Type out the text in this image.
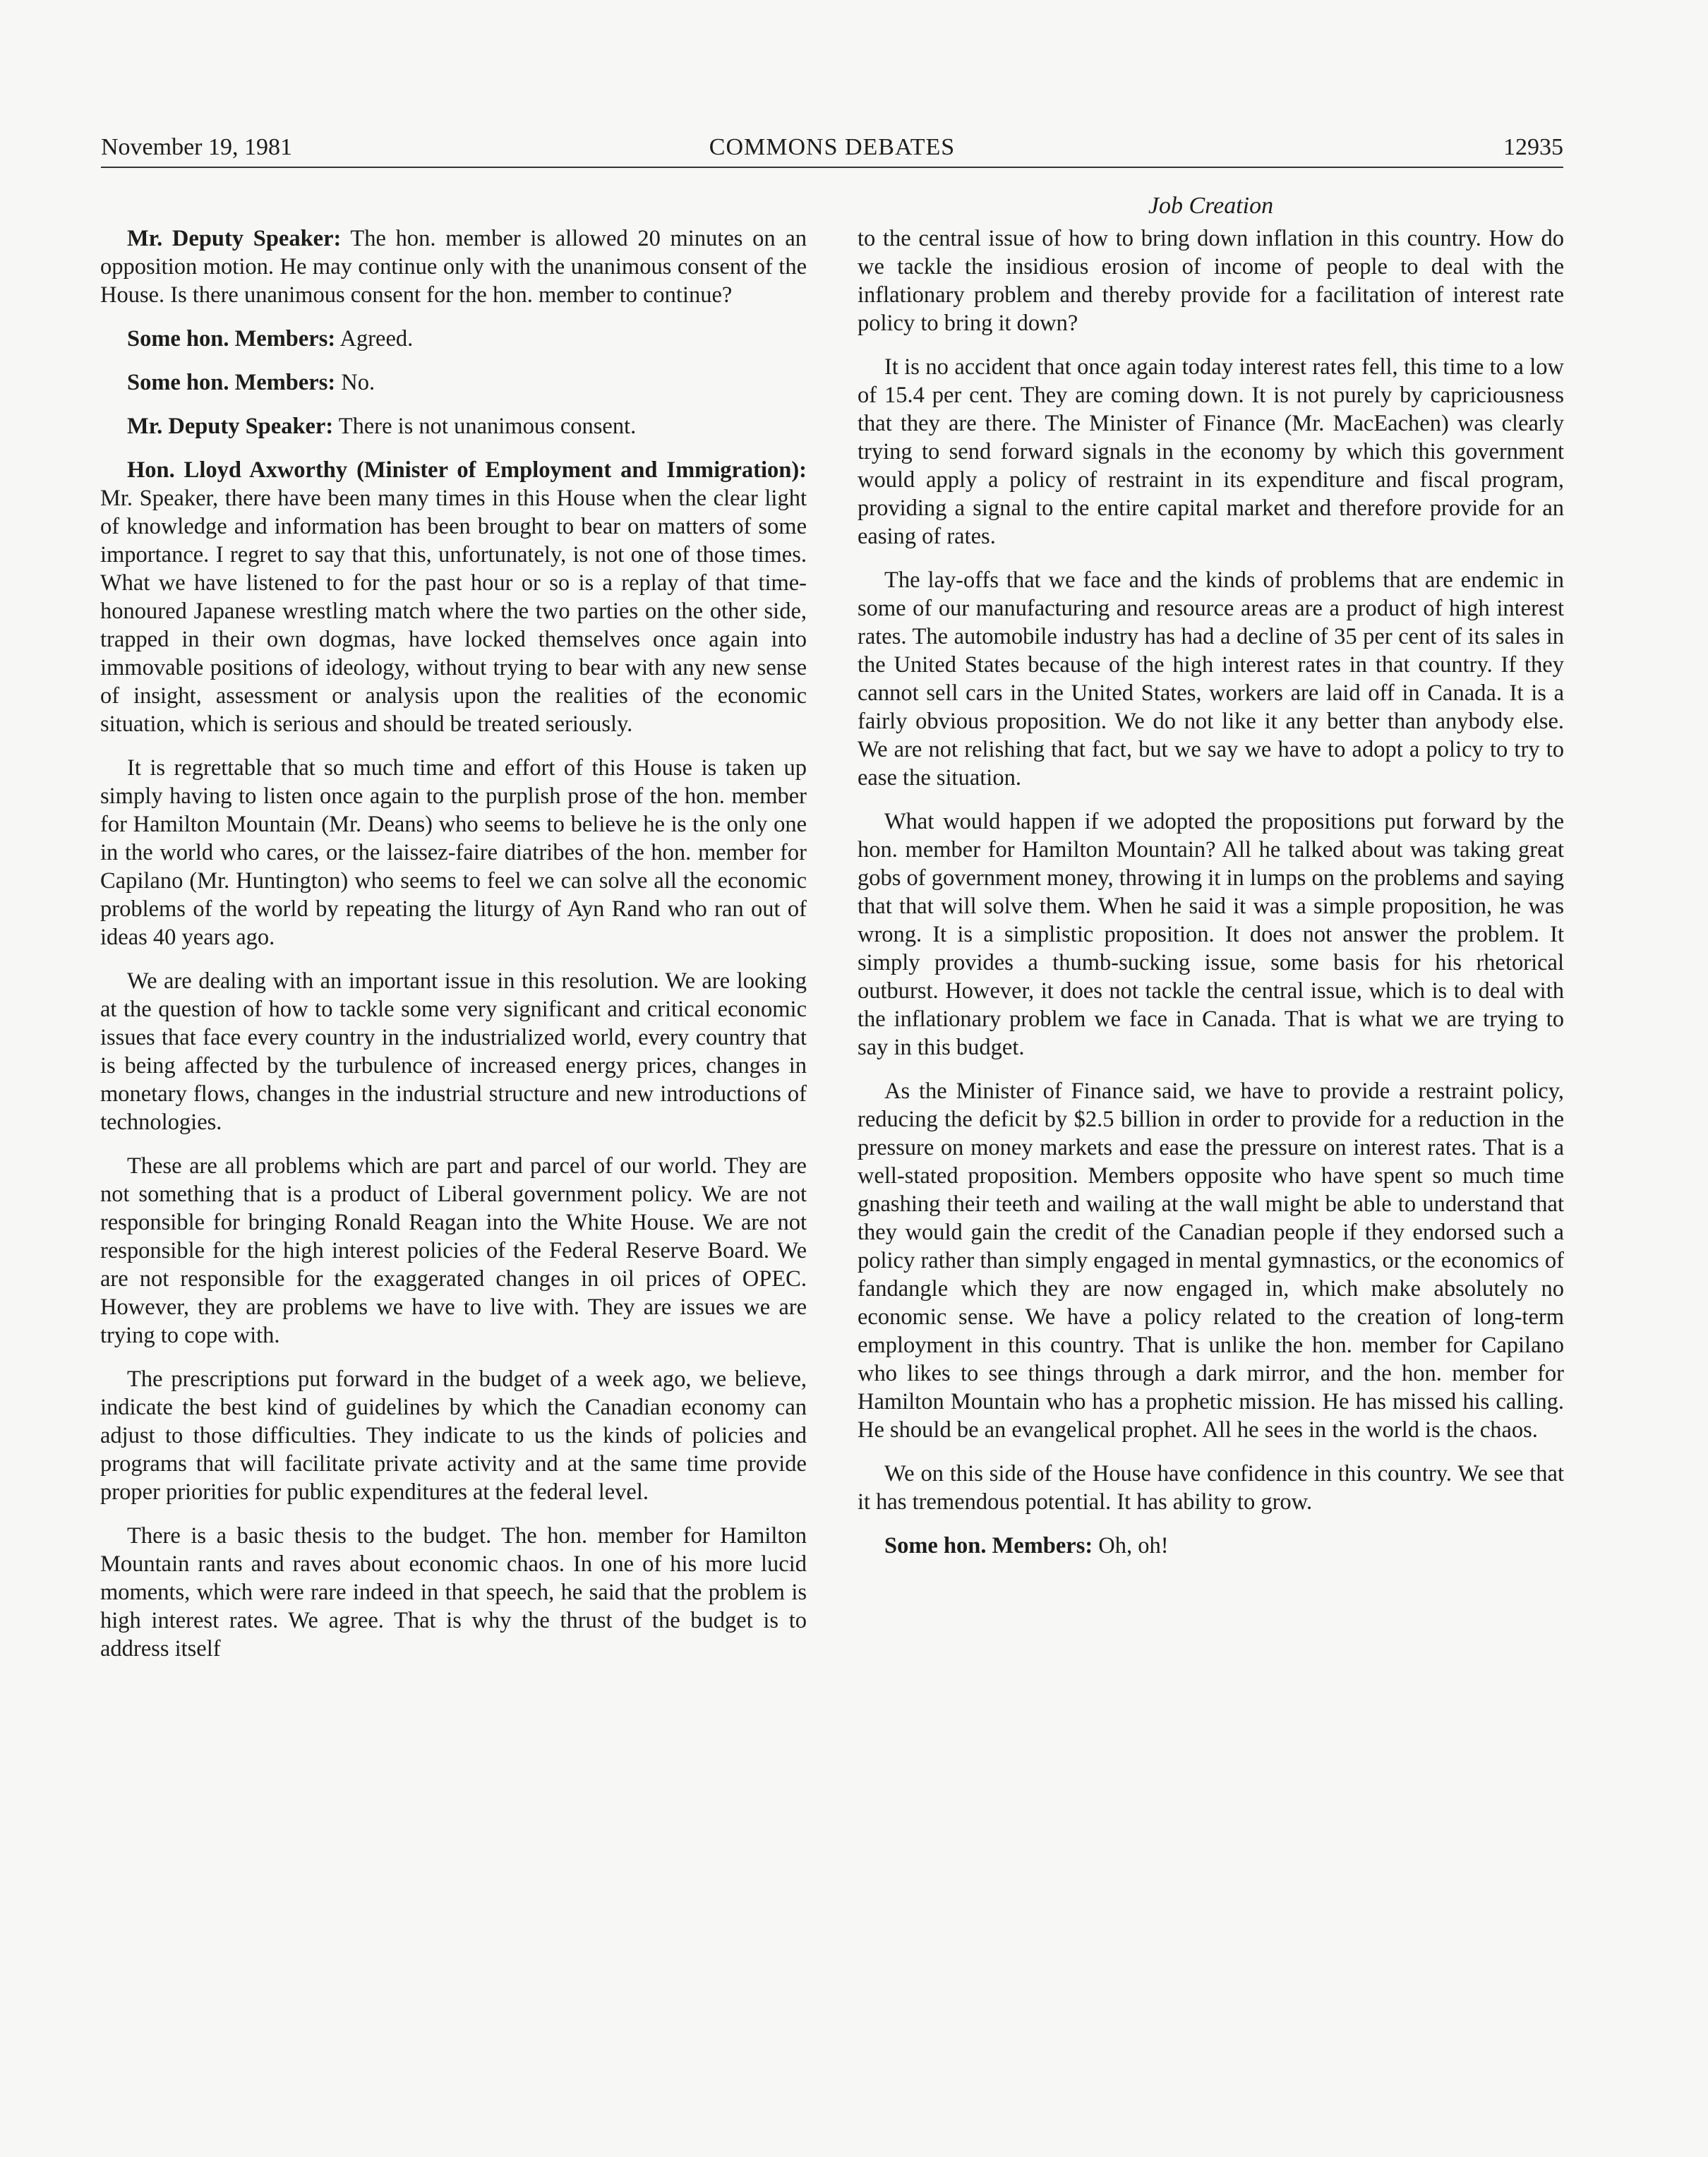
November 19, 1981	COMMONS DEBATES	12935
Job Creation

Mr. Deputy Speaker: The hon. member is allowed 20 minutes on an opposition motion. He may continue only with the unanimous consent of the House. Is there unanimous consent for the hon. member to continue?

Some hon. Members: Agreed.

Some hon. Members: No.

Mr. Deputy Speaker: There is not unanimous consent.

Hon. Lloyd Axworthy (Minister of Employment and Immigration): Mr. Speaker, there have been many times in this House when the clear light of knowledge and information has been brought to bear on matters of some importance. I regret to say that this, unfortunately, is not one of those times. What we have listened to for the past hour or so is a replay of that time-honoured Japanese wrestling match where the two parties on the other side, trapped in their own dogmas, have locked themselves once again into immovable positions of ideology, without trying to bear with any new sense of insight, assessment or analysis upon the realities of the economic situation, which is serious and should be treated seriously.

It is regrettable that so much time and effort of this House is taken up simply having to listen once again to the purplish prose of the hon. member for Hamilton Mountain (Mr. Deans) who seems to believe he is the only one in the world who cares, or the laissez-faire diatribes of the hon. member for Capilano (Mr. Huntington) who seems to feel we can solve all the economic problems of the world by repeating the liturgy of Ayn Rand who ran out of ideas 40 years ago.

We are dealing with an important issue in this resolution. We are looking at the question of how to tackle some very significant and critical economic issues that face every country in the industrialized world, every country that is being affected by the turbulence of increased energy prices, changes in monetary flows, changes in the industrial structure and new introductions of technologies.

These are all problems which are part and parcel of our world. They are not something that is a product of Liberal government policy. We are not responsible for bringing Ronald Reagan into the White House. We are not responsible for the high interest policies of the Federal Reserve Board. We are not responsible for the exaggerated changes in oil prices of OPEC. However, they are problems we have to live with. They are issues we are trying to cope with.

The prescriptions put forward in the budget of a week ago, we believe, indicate the best kind of guidelines by which the Canadian economy can adjust to those difficulties. They indicate to us the kinds of policies and programs that will facilitate private activity and at the same time provide proper priorities for public expenditures at the federal level.

There is a basic thesis to the budget. The hon. member for Hamilton Mountain rants and raves about economic chaos. In one of his more lucid moments, which were rare indeed in that speech, he said that the problem is high interest rates. We agree. That is why the thrust of the budget is to address itself

to the central issue of how to bring down inflation in this country. How do we tackle the insidious erosion of income of people to deal with the inflationary problem and thereby provide for a facilitation of interest rate policy to bring it down?

It is no accident that once again today interest rates fell, this time to a low of 15.4 per cent. They are coming down. It is not purely by capriciousness that they are there. The Minister of Finance (Mr. MacEachen) was clearly trying to send forward signals in the economy by which this government would apply a policy of restraint in its expenditure and fiscal program, providing a signal to the entire capital market and therefore provide for an easing of rates.

The lay-offs that we face and the kinds of problems that are endemic in some of our manufacturing and resource areas are a product of high interest rates. The automobile industry has had a decline of 35 per cent of its sales in the United States because of the high interest rates in that country. If they cannot sell cars in the United States, workers are laid off in Canada. It is a fairly obvious proposition. We do not like it any better than anybody else. We are not relishing that fact, but we say we have to adopt a policy to try to ease the situation.

What would happen if we adopted the propositions put forward by the hon. member for Hamilton Mountain? All he talked about was taking great gobs of government money, throwing it in lumps on the problems and saying that that will solve them. When he said it was a simple proposition, he was wrong. It is a simplistic proposition. It does not answer the problem. It simply provides a thumb-sucking issue, some basis for his rhetorical outburst. However, it does not tackle the central issue, which is to deal with the inflationary problem we face in Canada. That is what we are trying to say in this budget.

As the Minister of Finance said, we have to provide a restraint policy, reducing the deficit by $2.5 billion in order to provide for a reduction in the pressure on money markets and ease the pressure on interest rates. That is a well-stated proposition. Members opposite who have spent so much time gnashing their teeth and wailing at the wall might be able to understand that they would gain the credit of the Canadian people if they endorsed such a policy rather than simply engaged in mental gymnastics, or the economics of fandangle which they are now engaged in, which make absolutely no economic sense. We have a policy related to the creation of long-term employment in this country. That is unlike the hon. member for Capilano who likes to see things through a dark mirror, and the hon. member for Hamilton Mountain who has a prophetic mission. He has missed his calling. He should be an evangelical prophet. All he sees in the world is the chaos.

We on this side of the House have confidence in this country. We see that it has tremendous potential. It has ability to grow.

Some hon. Members: Oh, oh!
